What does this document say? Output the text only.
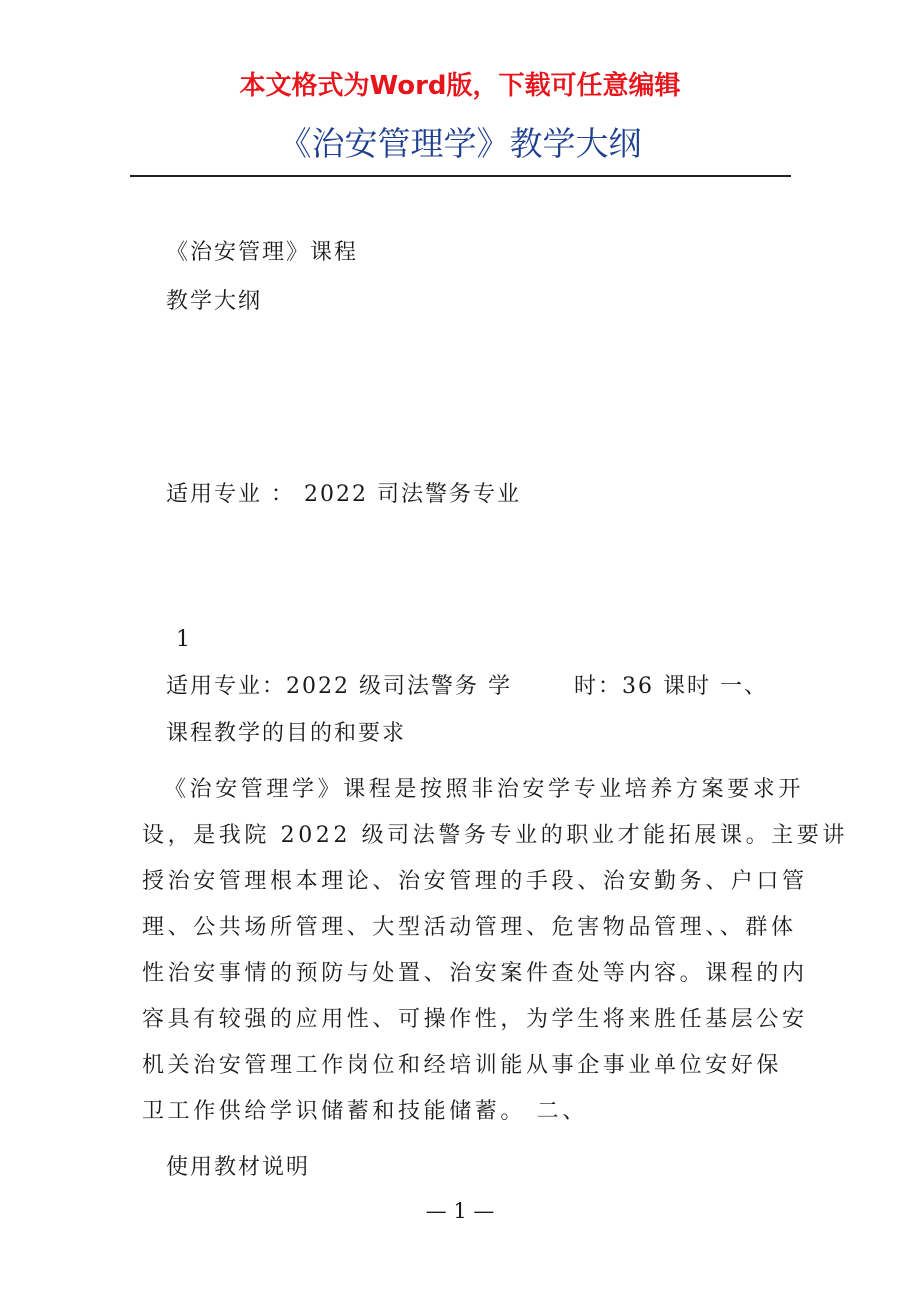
本文格式为Word版，下载可任意编辑
《治安管理学》教学大纲
《治安管理》课程
教学大纲
适用专业 ： 2022 司法警务专业
1
适用专业：2022 级司法警务 学	时：36 课时 一、
课程教学的目的和要求
《治安管理学》课程是按照非治安学专业培养方案要求开
设，是我院 2022 级司法警务专业的职业才能拓展课。主要讲
授治安管理根本理论、治安管理的手段、治安勤务、户口管
理、公共场所管理、大型活动管理、危害物品管理、、群体
性治安事情的预防与处置、治安案件查处等内容。课程的内
容具有较强的应用性、可操作性，为学生将来胜任基层公安
机关治安管理工作岗位和经培训能从事企事业单位安好保
卫工作供给学识储蓄和技能储蓄。 二、
使用教材说明
— 1 —
